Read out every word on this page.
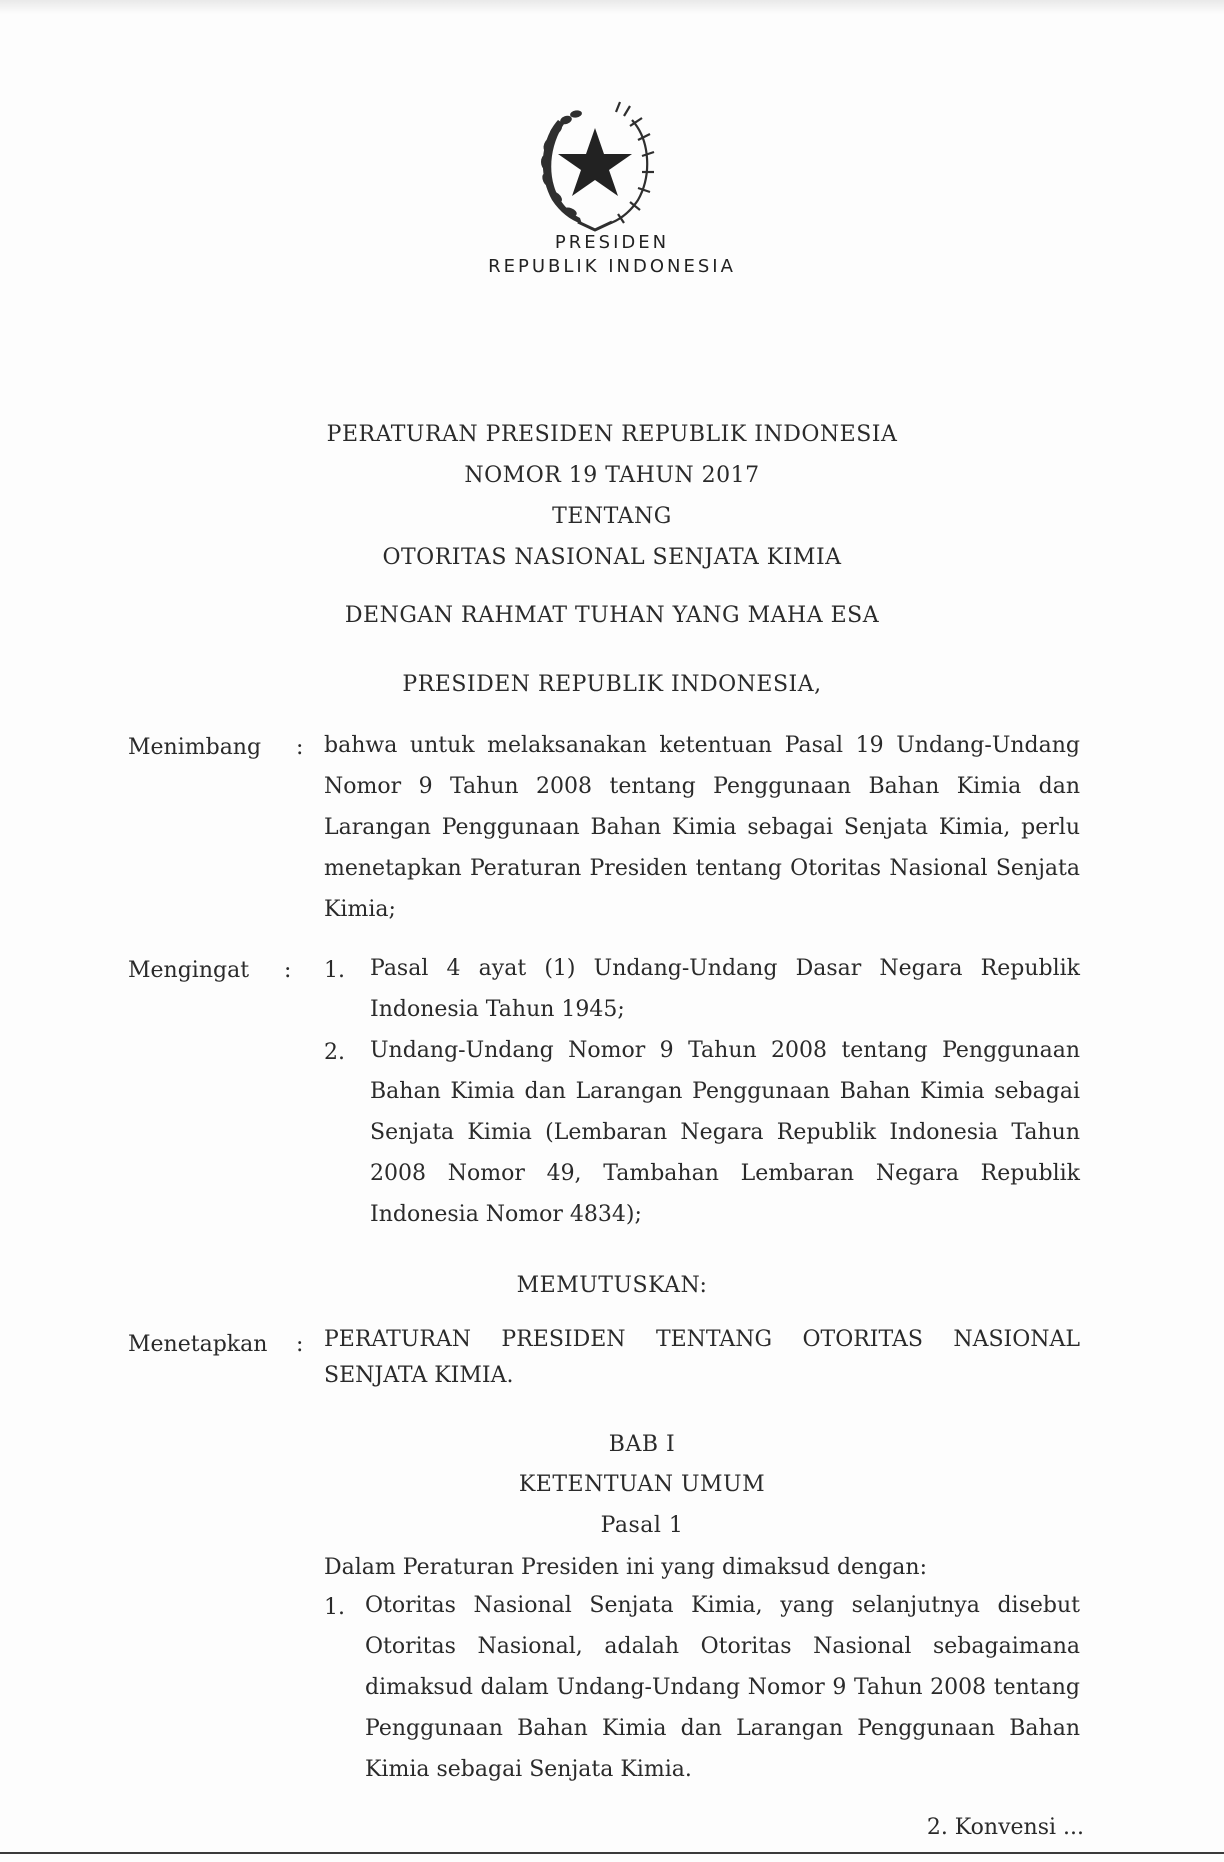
PRESIDEN
REPUBLIK INDONESIA
PERATURAN PRESIDEN REPUBLIK INDONESIA
NOMOR 19 TAHUN 2017
TENTANG
OTORITAS NASIONAL SENJATA KIMIA
DENGAN RAHMAT TUHAN YANG MAHA ESA
PRESIDEN REPUBLIK INDONESIA,
Menimbang : bahwa untuk melaksanakan ketentuan Pasal 19 Undang-Undang Nomor 9 Tahun 2008 tentang Penggunaan Bahan Kimia dan Larangan Penggunaan Bahan Kimia sebagai Senjata Kimia, perlu menetapkan Peraturan Presiden tentang Otoritas Nasional Senjata Kimia;
Mengingat : 1. Pasal 4 ayat (1) Undang-Undang Dasar Negara Republik Indonesia Tahun 1945;
2. Undang-Undang Nomor 9 Tahun 2008 tentang Penggunaan Bahan Kimia dan Larangan Penggunaan Bahan Kimia sebagai Senjata Kimia (Lembaran Negara Republik Indonesia Tahun 2008 Nomor 49, Tambahan Lembaran Negara Republik Indonesia Nomor 4834);
MEMUTUSKAN:
Menetapkan : PERATURAN PRESIDEN TENTANG OTORITAS NASIONAL SENJATA KIMIA.
BAB I
KETENTUAN UMUM
Pasal 1
Dalam Peraturan Presiden ini yang dimaksud dengan:
1. Otoritas Nasional Senjata Kimia, yang selanjutnya disebut Otoritas Nasional, adalah Otoritas Nasional sebagaimana dimaksud dalam Undang-Undang Nomor 9 Tahun 2008 tentang Penggunaan Bahan Kimia dan Larangan Penggunaan Bahan Kimia sebagai Senjata Kimia.
2. Konvensi ...
